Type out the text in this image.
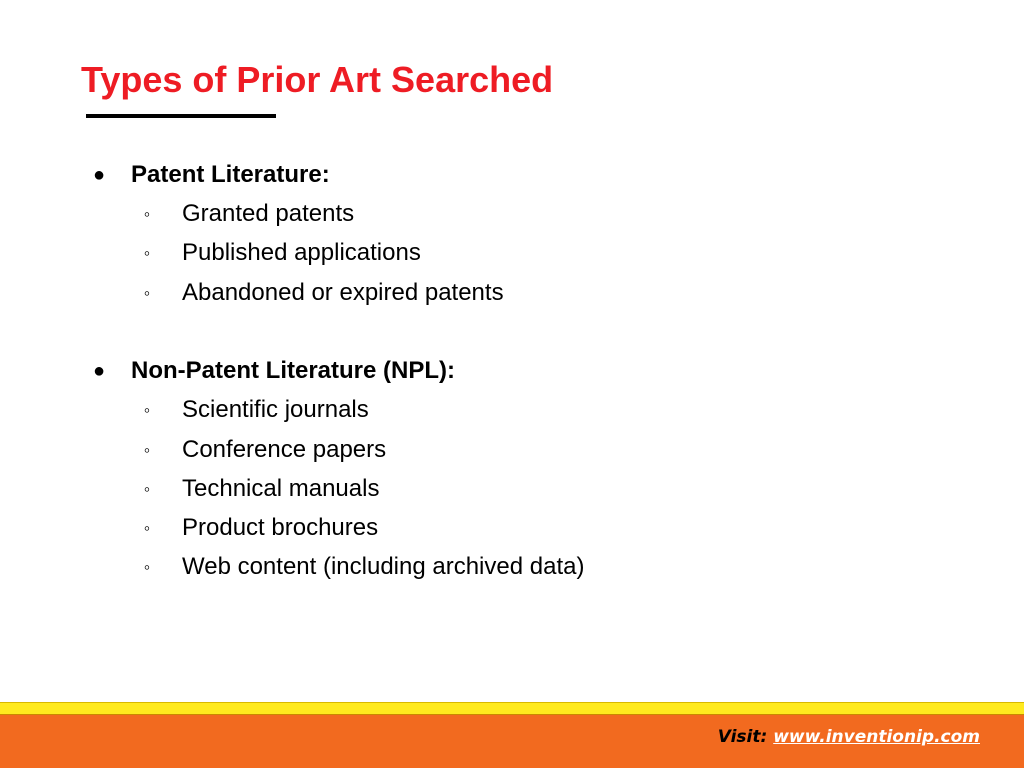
Types of Prior Art Searched
● Patent Literature:
◦ Granted patents
◦ Published applications
◦ Abandoned or expired patents
● Non-Patent Literature (NPL):
◦ Scientific journals
◦ Conference papers
◦ Technical manuals
◦ Product brochures
◦ Web content (including archived data)
Visit: www.inventionip.com
